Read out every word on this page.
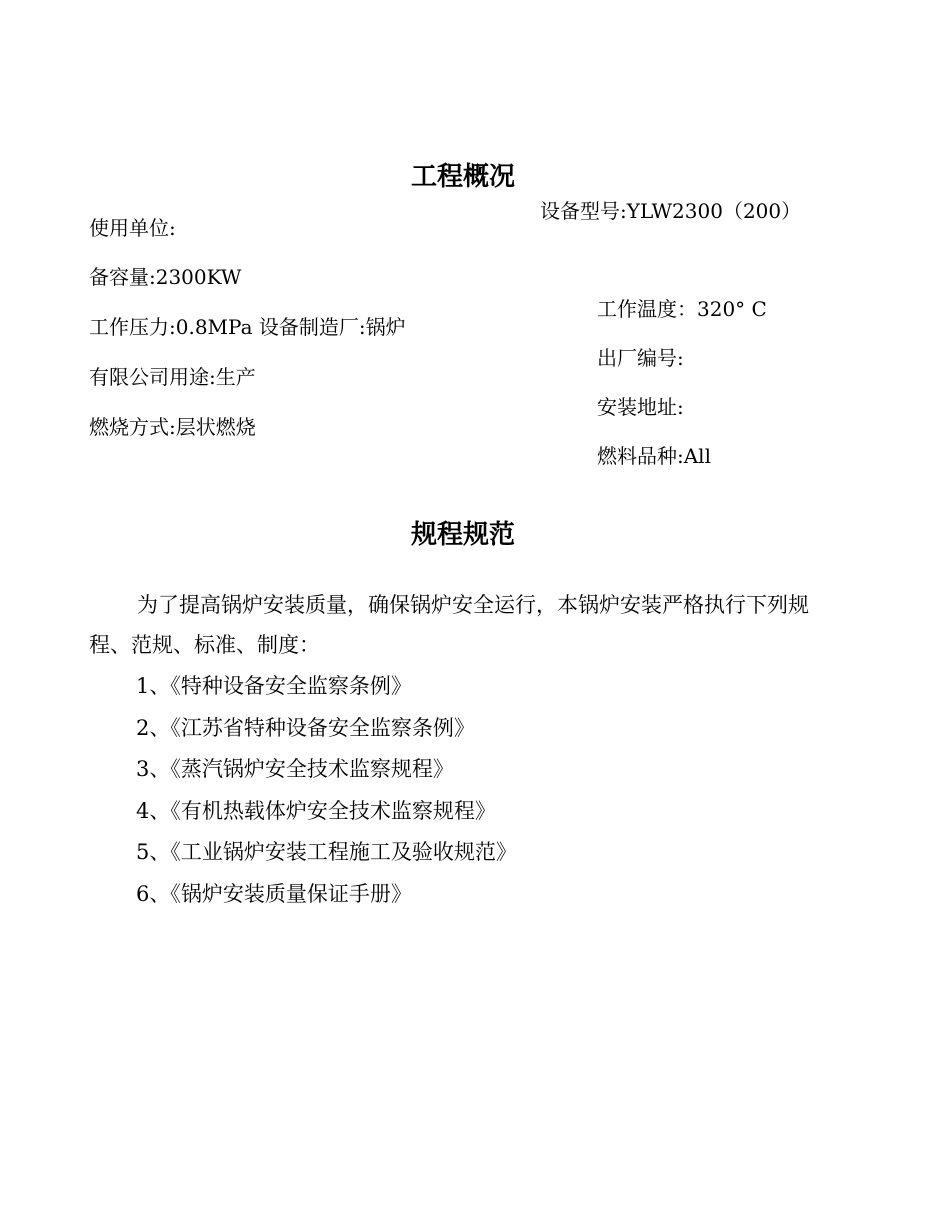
工程概况
设备型号:YLW2300（200）
使用单位:
备容量:2300KW
工作压力:0.8MPa 设备制造厂:锅炉
有限公司用途:生产
燃烧方式:层状燃烧
工作温度：320° C
出厂编号:
安装地址:
燃料品种:All
规程规范
为了提高锅炉安装质量，确保锅炉安全运行，本锅炉安装严格执行下列规程、范规、标准、制度：
1、《特种设备安全监察条例》
2、《江苏省特种设备安全监察条例》
3、《蒸汽锅炉安全技术监察规程》
4、《有机热载体炉安全技术监察规程》
5、《工业锅炉安装工程施工及验收规范》
6、《锅炉安装质量保证手册》
